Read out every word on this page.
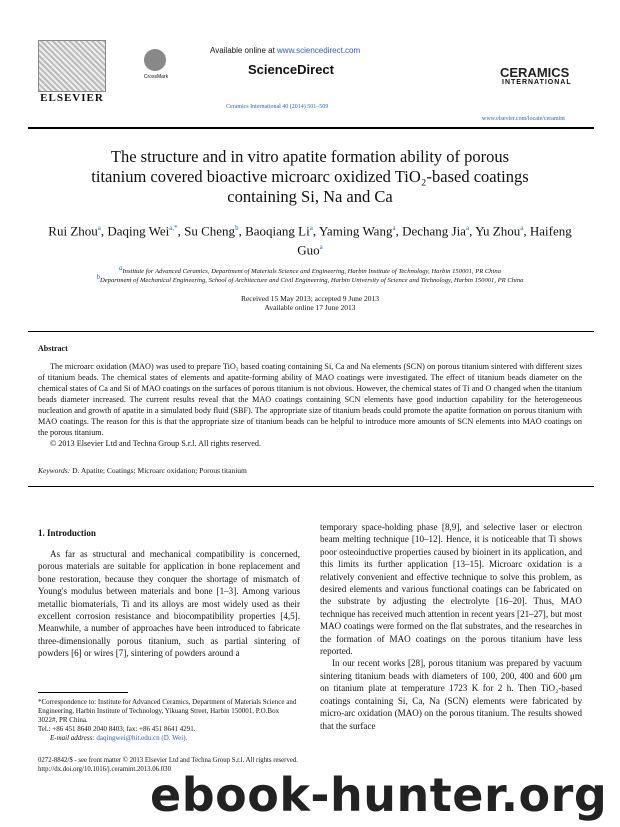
ELSEVIER
CrossMark
Available online at www.sciencedirect.com
ScienceDirect
Ceramics International 40 (2014) 501–509
CERAMICS
INTERNATIONAL
www.elsevier.com/locate/ceramint
The structure and in vitro apatite formation ability of porous
titanium covered bioactive microarc oxidized TiO₂-based coatings
containing Si, Na and Ca
Rui Zhou$^a$, Daqing Wei$^{a,*}$, Su Cheng$^b$, Baoqiang Li$^a$, Yaming Wang$^a$, Dechang Jia$^a$, Yu Zhou$^a$, Haifeng Guo$^a$
$^a$Institute for Advanced Ceramics, Department of Materials Science and Engineering, Harbin Institute of Technology, Harbin 150001, PR China
$^b$Department of Mechanical Engineering, School of Architecture and Civil Engineering, Harbin University of Science and Technology, Harbin 150001, PR China
Received 15 May 2013; accepted 9 June 2013
Available online 17 June 2013
Abstract
The microarc oxidation (MAO) was used to prepare TiO₂ based coating containing Si, Ca and Na elements (SCN) on porous titanium sintered with different sizes of titanium beads. The chemical states of elements and apatite-forming ability of MAO coatings were investigated. The effect of titanium beads diameter on the chemical states of Ca and Si of MAO coatings on the surfaces of porous titanium is not obvious. However, the chemical states of Ti and O changed when the titanium beads diameter increased. The current results reveal that the MAO coatings containing SCN elements have good induction capability for the heterogeneous nucleation and growth of apatite in a simulated body fluid (SBF). The appropriate size of titanium beads could promote the apatite formation on porous titanium with MAO coatings. The reason for this is that the appropriate size of titanium beads can be helpful to introduce more amounts of SCN elements into MAO coatings on the porous titanium.
© 2013 Elsevier Ltd and Techna Group S.r.l. All rights reserved.
Keywords: D. Apatite; Coatings; Microarc oxidation; Porous titanium
1. Introduction

As far as structural and mechanical compatibility is concerned, porous materials are suitable for application in bone replacement and bone restoration, because they conquer the shortage of mismatch of Young's modulus between materials and bone [1–3]. Among various metallic biomaterials, Ti and its alloys are most widely used as their excellent corrosion resistance and biocompatibility properties [4,5]. Meanwhile, a number of approaches have been introduced to fabricate three-dimensionally porous titanium, such as partial sintering of powders [6] or wires [7], sintering of powders around a

temporary space-holding phase [8,9], and selective laser or electron beam melting technique [10–12]. Hence, it is noticeable that Ti shows poor osteoinductive properties caused by bioinert in its application, and this limits its further application [13–15]. Microarc oxidation is a relatively convenient and effective technique to solve this problem, as desired elements and various functional coatings can be fabricated on the substrate by adjusting the electrolyte [16–20]. Thus, MAO technique has received much attention in recent years [21–27], but most MAO coatings were formed on the flat substrates, and the researches in the formation of MAO coatings on the porous titanium have less reported.

In our recent works [28], porous titanium was prepared by vacuum sintering titanium beads with diameters of 100, 200, 400 and 600 μm on titanium plate at temperature 1723 K for 2 h. Then TiO₂-based coatings containing Si, Ca, Na (SCN) elements were fabricated by micro-arc oxidation (MAO) on the porous titanium. The results showed that the surface

*Correspondence to: Institute for Advanced Ceramics, Department of Materials Science and Engineering, Harbin Institute of Technology, Yikuang Street, Harbin 150001, P.O.Box 3022#, PR China.
Tel.: +86 451 8640 2040 8403; fax: +86 451 8641 4291.
E-mail address: daqingwei@hit.edu.cn (D. Wei).
0272-8842/$ - see front matter © 2013 Elsevier Ltd and Techna Group S.r.l. All rights reserved.
http://dx.doi.org/10.1016/j.ceramint.2013.06.030
ebook-hunter.org
